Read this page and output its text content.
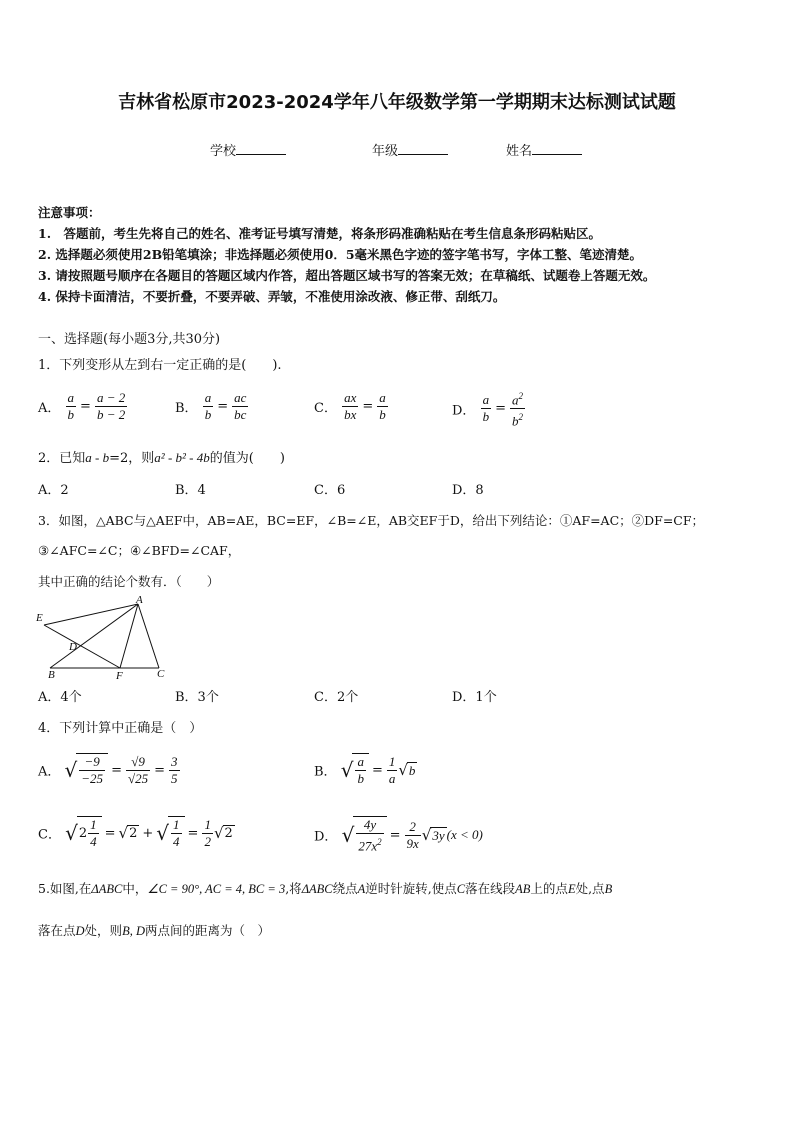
吉林省松原市2023-2024学年八年级数学第一学期期末达标测试试题
学校	年级	姓名
注意事项：
1.　答题前，考生先将自己的姓名、准考证号填写清楚，将条形码准确粘贴在考生信息条形码粘贴区。
2. 选择题必须使用2B铅笔填涂；非选择题必须使用0．5毫米黑色字迹的签字笔书写，字体工整、笔迹清楚。
3. 请按照题号顺序在各题目的答题区域内作答，超出答题区域书写的答案无效；在草稿纸、试题卷上答题无效。
4. 保持卡面清洁，不要折叠，不要弄破、弄皱，不准使用涂改液、修正带、刮纸刀。
一、选择题(每小题3分,共30分)
1．下列变形从左到右一定正确的是(　　).
A． $\frac{a}{b} = \frac{a - 2}{b - 2}$	B． $\frac{a}{b} = \frac{ac}{bc}$	C． $\frac{ax}{bx} = \frac{a}{b}$	D． $\frac{a}{b} = \frac{a^2}{b^2}$
2．已知a - b=2，则a² - b² - 4b的值为(　　)
A．2	B．4	C．6	D．8
3．如图，△ABC与△AEF中，AB=AE，BC=EF，∠B=∠E，AB交EF于D，给出下列结论：①AF=AC；②DF=CF；
③∠AFC=∠C；④∠BFD=∠CAF，
其中正确的结论个数有．（　　）
A
E
D
B	F	C
A．4个	B．3个	C．2个	D．1个
4．下列计算中正确是（　）
A． √ $\frac{-9}{-25} = \frac{√9}{√25} = \frac{3}{5}$	B． √ $\frac{a}{b} = \frac{1}{a} √b$
C． $√2 \frac{1}{4} = √2$ + √ $\frac{1}{4} = \frac{1}{2} √2$	D． √ $\frac{4y}{27x^2} = \frac{2}{9x} √3y$ (x < 0)
5.如图,在ΔABC中，∠C = 90°, AC = 4, BC = 3,将ΔABC绕点A逆时针旋转,使点C落在线段AB上的点E处,点B
落在点D处，则B, D两点间的距离为（　）
